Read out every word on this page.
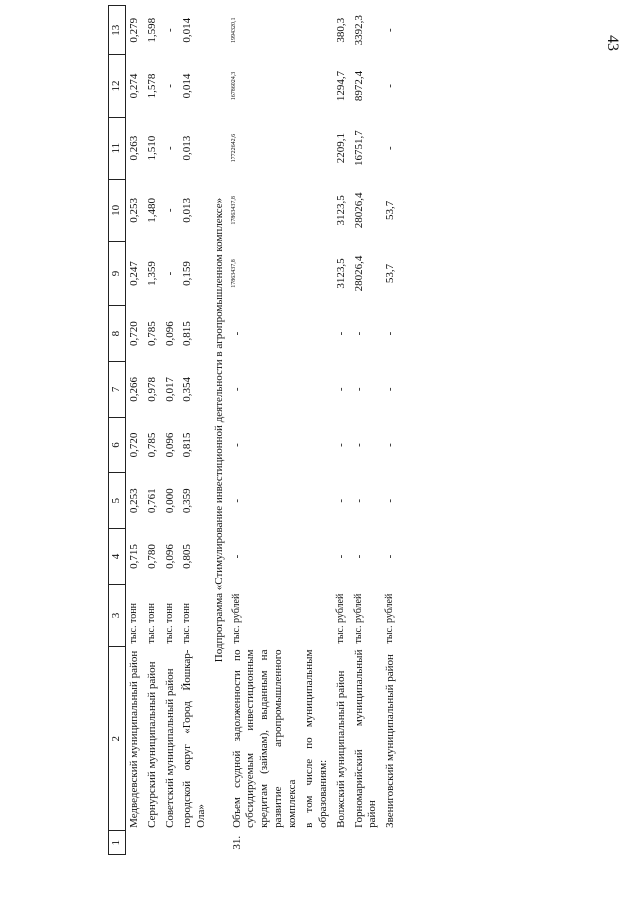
43
1	2	3	4	5	6	7	8	9	10	11	12	13
	Медведевский муниципальный район	тыс. тонн	0,715	0,253	0,720	0,266	0,720	0,247	0,253	0,263	0,274	0,279
	Сернурский муниципальный район	тыс. тонн	0,780	0,761	0,785	0,978	0,785	1,359	1,480	1,510	1,578	1,598
	Советский муниципальный район	тыс. тонн	0,096	0,000	0,096	0,017	0,096	-	-	-	-	-
	городской округ «Город Йошкар-Ола»	тыс. тонн	0,805	0,359	0,815	0,354	0,815	0,159	0,013	0,013	0,014	0,014
Подпрограмма «Стимулирование инвестиционной деятельности в агропромышленном комплексе»												
31.	Объем ссудной задолженности по субсидируемым инвестиционным кредитам (займам), выданным на развитие агропромышленного комплекса	тыс. рублей	-	-	-	-	-	17863437,8	17863437,8	17722642,6	16786024,3	1994320,1
	в том числе по муниципальным образованиям:											
	Волжский муниципальный район	тыс. рублей	-	-	-	-	-	3123,5	3123,5	2209,1	1294,7	380,3
	Горномарийский муниципальный район	тыс. рублей	-	-	-	-	-	28026,4	28026,4	16751,7	8972,4	3392,3
	Звениговский муниципальный район	тыс. рублей	-	-	-	-	-	53,7	53,7	-	-	-
